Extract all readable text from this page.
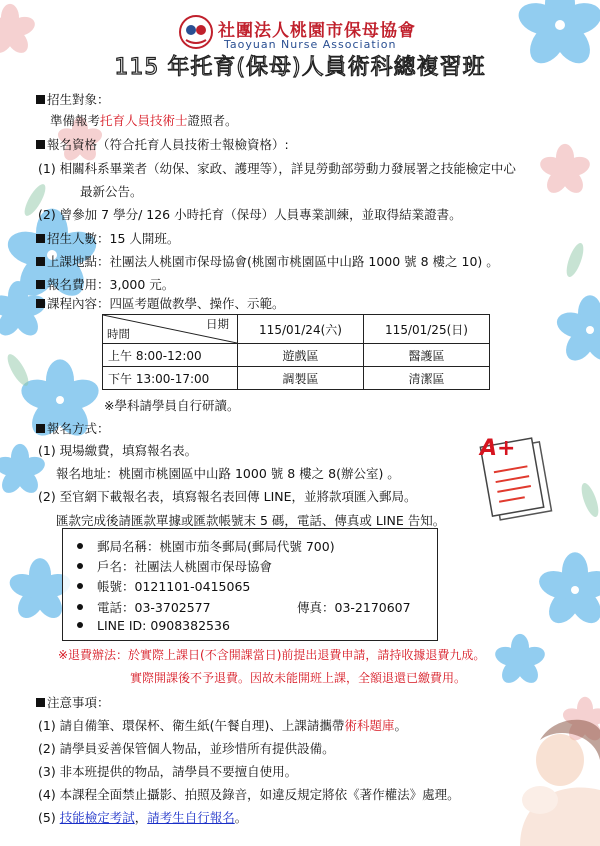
A+
社團法人桃園市保母協會
Taoyuan Nurse Association
115 年托育(保母)人員術科總複習班
招生對象：
準備報考托育人員技術士證照者。
報名資格（符合托育人員技術士報檢資格）:
(1) 相關科系畢業者（幼保、家政、護理等），詳見勞動部勞動力發展署之技能檢定中心
最新公告。
(2) 曾參加 7 學分/ 126 小時托育（保母）人員專業訓練，並取得結業證書。
招生人數：15 人開班。
上課地點：社團法人桃園市保母協會(桃園市桃園區中山路 1000 號 8 樓之 10) 。
報名費用：3,000 元。
課程內容：四區考題做教學、操作、示範。
日期
時間	115/01/24(六)	115/01/25(日)
上午 8:00-12:00	遊戲區	醫護區
下午 13:00-17:00	調製區	清潔區
※學科請學員自行研讀。
報名方式：
(1) 現場繳費，填寫報名表。
報名地址：桃園市桃園區中山路 1000 號 8 樓之 8(辦公室) 。
(2) 至官網下載報名表，填寫報名表回傳 LINE，並將款項匯入郵局。
匯款完成後請匯款單據或匯款帳號末 5 碼，電話、傳真或 LINE 告知。
郵局名稱：桃園市茄冬郵局(郵局代號 700)
戶名：社團法人桃園市保母協會
帳號：0121101-0415065
電話：03-3702577	傳真：03-2170607
LINE ID: 0908382536
※退費辦法：於實際上課日(不含開課當日)前提出退費申請，請持收據退費九成。
實際開課後不予退費。因故未能開班上課，全額退還已繳費用。
注意事項：
(1) 請自備筆、環保杯、衛生紙(午餐自理)、上課請攜帶術科題庫。
(2) 請學員妥善保管個人物品，並珍惜所有提供設備。
(3) 非本班提供的物品，請學員不要擅自使用。
(4) 本課程全面禁止攝影、拍照及錄音，如違反規定將依《著作權法》處理。
(5) 技能檢定考試，請考生自行報名。
